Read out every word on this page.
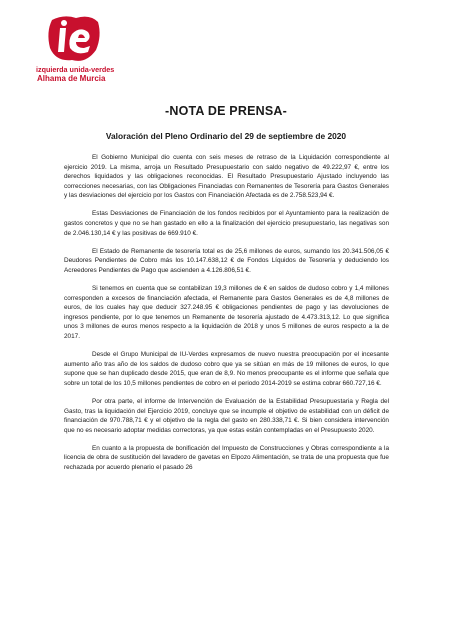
izquierda unida-verdes
Alhama de Murcia
-NOTA DE PRENSA-
Valoración del Pleno Ordinario del 29 de septiembre de 2020

El Gobierno Municipal dio cuenta con seis meses de retraso de la Liquidación correspondiente al ejercicio 2019. La misma, arroja un Resultado Presupuestario con saldo negativo de 49.222,97 €, entre los derechos liquidados y las obligaciones reconocidas. El Resultado Presupuestario Ajustado incluyendo las correcciones necesarias, con las Obligaciones Financiadas con Remanentes de Tesorería para Gastos Generales y las desviaciones del ejercicio por los Gastos con Financiación Afectada es de 2.758.523,94 €.

Estas Desviaciones de Financiación de los fondos recibidos por el Ayuntamiento para la realización de gastos concretos y que no se han gastado en ello a la finalización del ejercicio presupuestario, las negativas son de 2.046.130,14 € y las positivas de 669.910 €.

El Estado de Remanente de tesorería total es de 25,6 millones de euros, sumando los 20.341.506,05 € Deudores Pendientes de Cobro más los 10.147.638,12 € de Fondos Líquidos de Tesorería y deduciendo los Acreedores Pendientes de Pago que ascienden a 4.126.806,51 €.

Si tenemos en cuenta que se contabilizan 19,3 millones de € en saldos de dudoso cobro y 1,4 millones corresponden a excesos de financiación afectada, el Remanente para Gastos Generales es de 4,8 millones de euros, de los cuales hay que deducir 327.248.95 € obligaciones pendientes de pago y las devoluciones de ingresos pendiente, por lo que tenemos un Remanente de tesorería ajustado de 4.473.313,12. Lo que significa unos 3 millones de euros menos respecto a la liquidación de 2018 y unos 5 millones de euros respecto a la de 2017.

Desde el Grupo Municipal de IU-Verdes expresamos de nuevo nuestra preocupación por el incesante aumento año tras año de los saldos de dudoso cobro que ya se sitúan en más de 19 millones de euros, lo que supone que se han duplicado desde 2015, que eran de 8,9. No menos preocupante es el informe que señala que sobre un total de los 10,5 millones pendientes de cobro en el periodo 2014-2019 se estima cobrar 660.727,16 €.

Por otra parte, el informe de Intervención de Evaluación de la Estabilidad Presupuestaria y Regla del Gasto, tras la liquidación del Ejercicio 2019, concluye que se incumple el objetivo de estabilidad con un déficit de financiación de 970.788,71 € y el objetivo de la regla del gasto en 280.338,71 €. Si bien considera intervención que no es necesario adoptar medidas correctoras, ya que estas están contempladas en el Presupuesto 2020.

En cuanto a la propuesta de bonificación del Impuesto de Construcciones y Obras correspondiente a la licencia de obra de sustitución del lavadero de gavetas en Elpozo Alimentación, se trata de una propuesta que fue rechazada por acuerdo plenario el pasado 26
